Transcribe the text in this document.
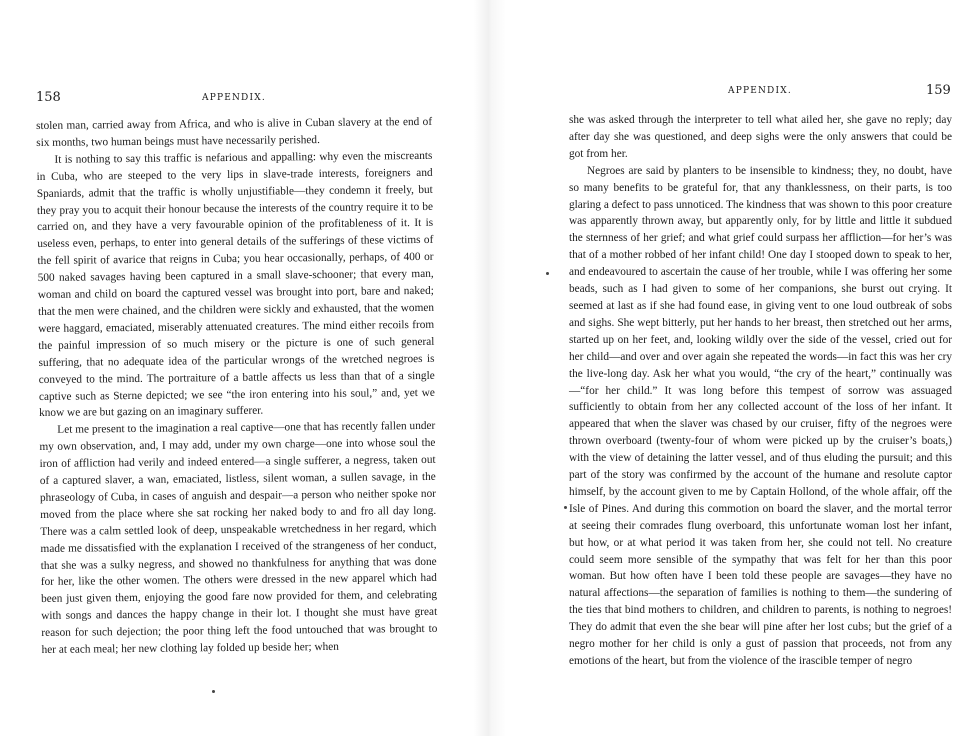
158	APPENDIX.

stolen man, carried away from Africa, and who is alive in Cuban slavery at the end of six months, two human beings must have necessarily perished.

It is nothing to say this traffic is nefarious and appalling: why even the miscreants in Cuba, who are steeped to the very lips in slave-trade interests, foreigners and Spaniards, admit that the traffic is wholly unjustifiable—they condemn it freely, but they pray you to acquit their honour because the interests of the country require it to be carried on, and they have a very favourable opinion of the profitableness of it. It is useless even, perhaps, to enter into general details of the sufferings of these victims of the fell spirit of avarice that reigns in Cuba; you hear occasionally, perhaps, of 400 or 500 naked savages having been captured in a small slave-schooner; that every man, woman and child on board the captured vessel was brought into port, bare and naked; that the men were chained, and the children were sickly and exhausted, that the women were haggard, emaciated, miserably attenuated creatures. The mind either recoils from the painful impression of so much misery or the picture is one of such general suffering, that no adequate idea of the particular wrongs of the wretched negroes is conveyed to the mind. The portraiture of a battle affects us less than that of a single captive such as Sterne depicted; we see “the iron entering into his soul,” and, yet we know we are but gazing on an imaginary sufferer.

Let me present to the imagination a real captive—one that has recently fallen under my own observation, and, I may add, under my own charge—one into whose soul the iron of affliction had verily and indeed entered—a single sufferer, a negress, taken out of a captured slaver, a wan, emaciated, listless, silent woman, a sullen savage, in the phraseology of Cuba, in cases of anguish and despair—a person who neither spoke nor moved from the place where she sat rocking her naked body to and fro all day long. There was a calm settled look of deep, unspeakable wretchedness in her regard, which made me dissatisfied with the explanation I received of the strangeness of her conduct, that she was a sulky negress, and showed no thankfulness for anything that was done for her, like the other women. The others were dressed in the new apparel which had been just given them, enjoying the good fare now provided for them, and celebrating with songs and dances the happy change in their lot. I thought she must have great reason for such dejection; the poor thing left the food untouched that was brought to her at each meal; her new clothing lay folded up beside her; when

APPENDIX.	159

she was asked through the interpreter to tell what ailed her, she gave no reply; day after day she was questioned, and deep sighs were the only answers that could be got from her.

Negroes are said by planters to be insensible to kindness; they, no doubt, have so many benefits to be grateful for, that any thanklessness, on their parts, is too glaring a defect to pass unnoticed. The kindness that was shown to this poor creature was apparently thrown away, but apparently only, for by little and little it subdued the sternness of her grief; and what grief could surpass her affliction—for her’s was that of a mother robbed of her infant child! One day I stooped down to speak to her, and endeavoured to ascertain the cause of her trouble, while I was offering her some beads, such as I had given to some of her companions, she burst out crying. It seemed at last as if she had found ease, in giving vent to one loud outbreak of sobs and sighs. She wept bitterly, put her hands to her breast, then stretched out her arms, started up on her feet, and, looking wildly over the side of the vessel, cried out for her child—and over and over again she repeated the words—in fact this was her cry the live-long day. Ask her what you would, “the cry of the heart,” continually was—“for her child.” It was long before this tempest of sorrow was assuaged sufficiently to obtain from her any collected account of the loss of her infant. It appeared that when the slaver was chased by our cruiser, fifty of the negroes were thrown overboard (twenty-four of whom were picked up by the cruiser’s boats,) with the view of detaining the latter vessel, and of thus eluding the pursuit; and this part of the story was confirmed by the account of the humane and resolute captor himself, by the account given to me by Captain Hollond, of the whole affair, off the Isle of Pines. And during this commotion on board the slaver, and the mortal terror at seeing their comrades flung overboard, this unfortunate woman lost her infant, but how, or at what period it was taken from her, she could not tell. No creature could seem more sensible of the sympathy that was felt for her than this poor woman. But how often have I been told these people are savages—they have no natural affections—the separation of families is nothing to them—the sundering of the ties that bind mothers to children, and children to parents, is nothing to negroes! They do admit that even the she bear will pine after her lost cubs; but the grief of a negro mother for her child is only a gust of passion that proceeds, not from any emotions of the heart, but from the violence of the irascible temper of negro
